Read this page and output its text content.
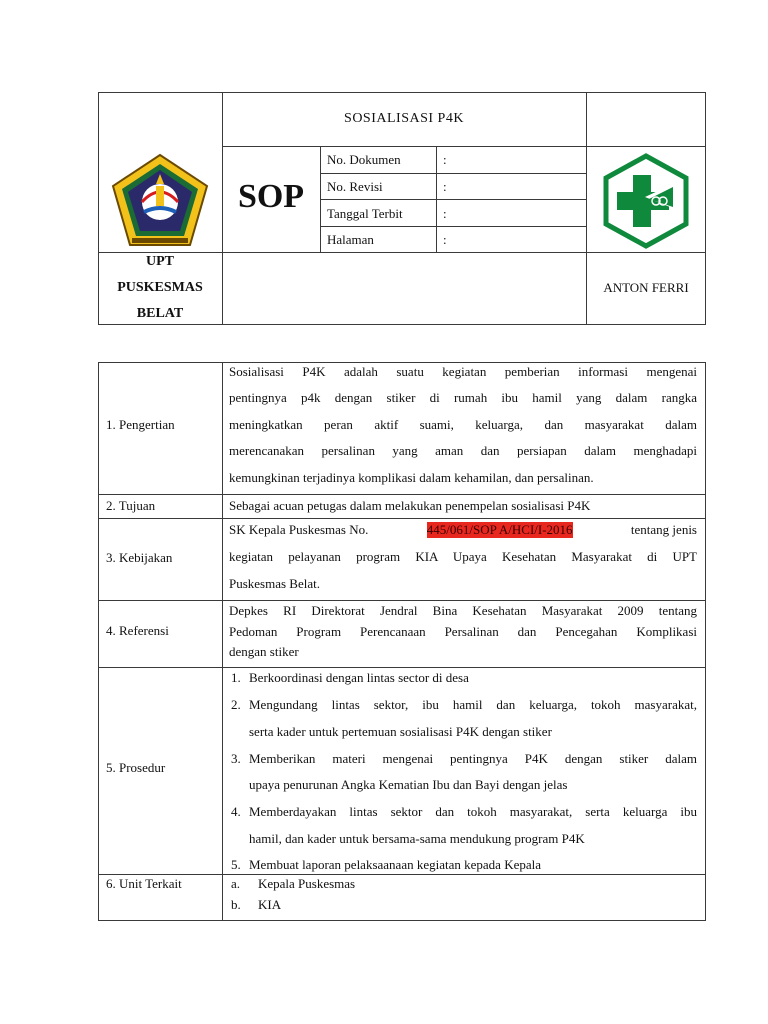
SOSIALISASI P4K
SOP
No. Dokumen	:
No. Revisi	:
Tanggal Terbit	:
Halaman	:
UPT
PUSKESMAS
BELAT
ANTON FERRI
1. Pengertian
Sosialisasi P4K adalah suatu kegiatan pemberian informasi mengenai
pentingnya p4k dengan stiker di rumah ibu hamil yang dalam rangka
meningkatkan peran aktif suami, keluarga, dan masyarakat dalam
merencanakan persalinan yang aman dan persiapan dalam menghadapi
kemungkinan terjadinya komplikasi dalam kehamilan, dan persalinan.
2. Tujuan	Sebagai acuan petugas dalam melakukan penempelan sosialisasi P4K
3. Kebijakan
SK Kepala Puskesmas No.	445/061/SOP A/HCI/I-2016	tentang jenis
kegiatan pelayanan program KIA Upaya Kesehatan Masyarakat di UPT
Puskesmas Belat.
4. Referensi
Depkes RI Direktorat Jendral Bina Kesehatan Masyarakat 2009 tentang
Pedoman Program Perencanaan Persalinan dan Pencegahan Komplikasi
dengan stiker
5. Prosedur
1. Berkoordinasi dengan lintas sector di desa
2. Mengundang lintas sektor, ibu hamil dan keluarga, tokoh masyarakat,
serta kader untuk pertemuan sosialisasi P4K dengan stiker
3. Memberikan materi mengenai pentingnya P4K dengan stiker dalam
upaya penurunan Angka Kematian Ibu dan Bayi dengan jelas
4. Memberdayakan lintas sektor dan tokoh masyarakat, serta keluarga ibu
hamil, dan kader untuk bersama-sama mendukung program P4K
5. Membuat laporan pelaksaanaan kegiatan kepada Kepala
6. Unit Terkait	a. Kepala Puskesmas
b. KIA
